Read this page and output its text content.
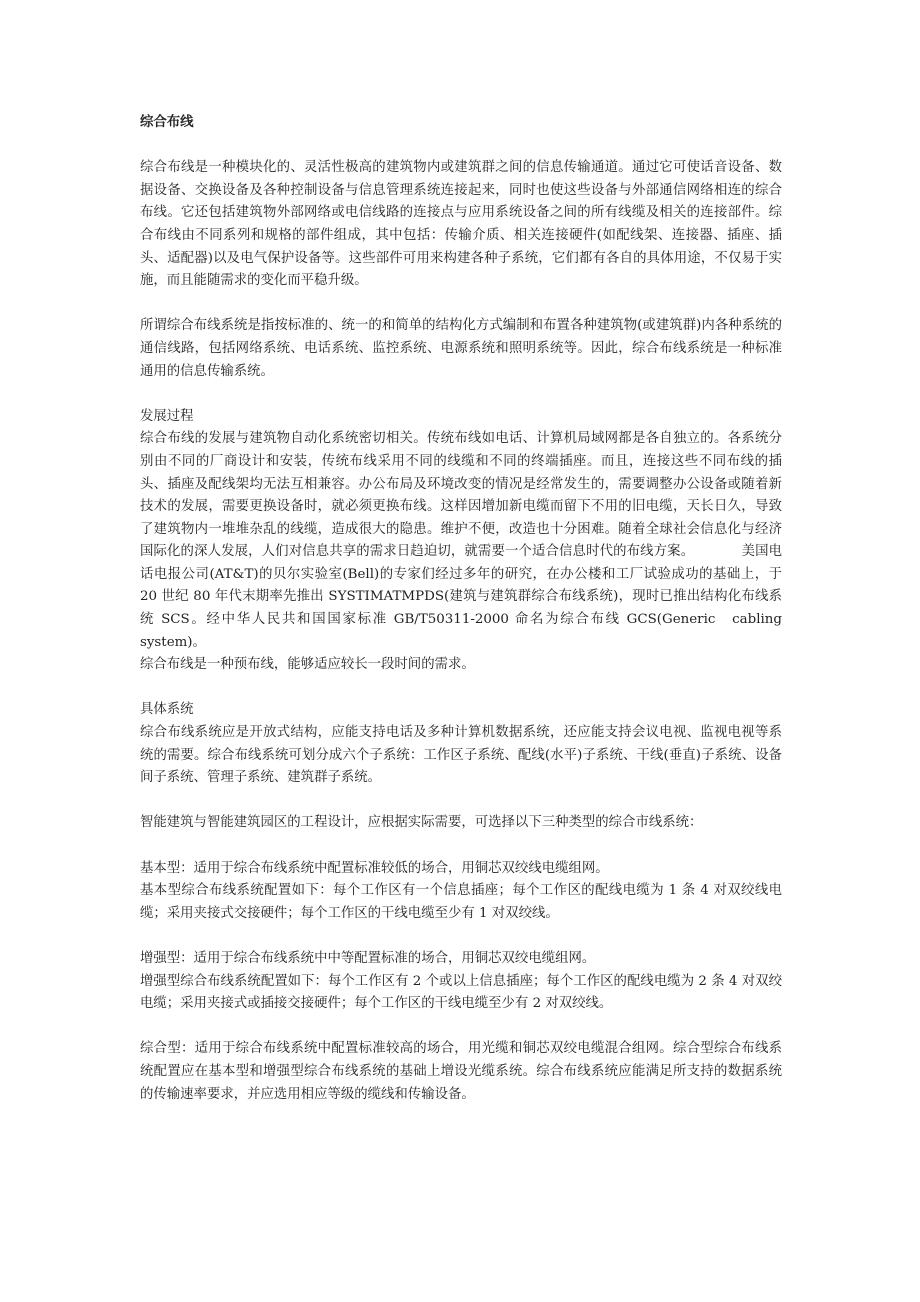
综合布线

综合布线是一种模块化的、灵活性极高的建筑物内或建筑群之间的信息传输通道。通过它可使话音设备、数据设备、交换设备及各种控制设备与信息管理系统连接起来，同时也使这些设备与外部通信网络相连的综合布线。它还包括建筑物外部网络或电信线路的连接点与应用系统设备之间的所有线缆及相关的连接部件。综合布线由不同系列和规格的部件组成，其中包括：传输介质、相关连接硬件(如配线架、连接器、插座、插头、适配器)以及电气保护设备等。这些部件可用来构建各种子系统，它们都有各自的具体用途，不仅易于实施，而且能随需求的变化而平稳升级。

所谓综合布线系统是指按标准的、统一的和简单的结构化方式编制和布置各种建筑物(或建筑群)内各种系统的通信线路，包括网络系统、电话系统、监控系统、电源系统和照明系统等。因此，综合布线系统是一种标准通用的信息传输系统。

发展过程

综合布线的发展与建筑物自动化系统密切相关。传统布线如电话、计算机局域网都是各自独立的。各系统分别由不同的厂商设计和安装，传统布线采用不同的线缆和不同的终端插座。而且，连接这些不同布线的插头、插座及配线架均无法互相兼容。办公布局及环境改变的情况是经常发生的，需要调整办公设备或随着新技术的发展，需要更换设备时，就必须更换布线。这样因增加新电缆而留下不用的旧电缆，天长日久，导致了建筑物内一堆堆杂乱的线缆，造成很大的隐患。维护不便，改造也十分困难。随着全球社会信息化与经济国际化的深人发展，人们对信息共享的需求日趋迫切，就需要一个适合信息时代的布线方案。　　　　美国电话电报公司(AT&T)的贝尔实验室(Bell)的专家们经过多年的研究，在办公楼和工厂试验成功的基础上，于 20 世纪 80 年代末期率先推出 SYSTIMATMPDS(建筑与建筑群综合布线系统)，现时已推出结构化布线系统 SCS。经中华人民共和国国家标准 GB/T50311-2000 命名为综合布线 GCS(Generic　cabling　system)。

综合布线是一种预布线，能够适应较长一段时间的需求。

具体系统

综合布线系统应是开放式结构，应能支持电话及多种计算机数据系统，还应能支持会议电视、监视电视等系统的需要。综合布线系统可划分成六个子系统：工作区子系统、配线(水平)子系统、干线(垂直)子系统、设备间子系统、管理子系统、建筑群子系统。

智能建筑与智能建筑园区的工程设计，应根据实际需要，可选择以下三种类型的综合市线系统：

基本型：适用于综合布线系统中配置标准较低的场合，用铜芯双绞线电缆组网。

基本型综合布线系统配置如下：每个工作区有一个信息插座；每个工作区的配线电缆为 1 条 4 对双绞线电缆；采用夹接式交接硬件；每个工作区的干线电缆至少有 1 对双绞线。

增强型：适用于综合布线系统中中等配置标准的场合，用铜芯双绞电缆组网。

增强型综合布线系统配置如下：每个工作区有 2 个或以上信息插座；每个工作区的配线电缆为 2 条 4 对双绞电缆；采用夹接式或插接交接硬件；每个工作区的干线电缆至少有 2 对双绞线。

综合型：适用于综合布线系统中配置标准较高的场合，用光缆和铜芯双绞电缆混合组网。综合型综合布线系统配置应在基本型和增强型综合布线系统的基础上增设光缆系统。综合布线系统应能满足所支持的数据系统的传输速率要求，并应选用相应等级的缆线和传输设备。
